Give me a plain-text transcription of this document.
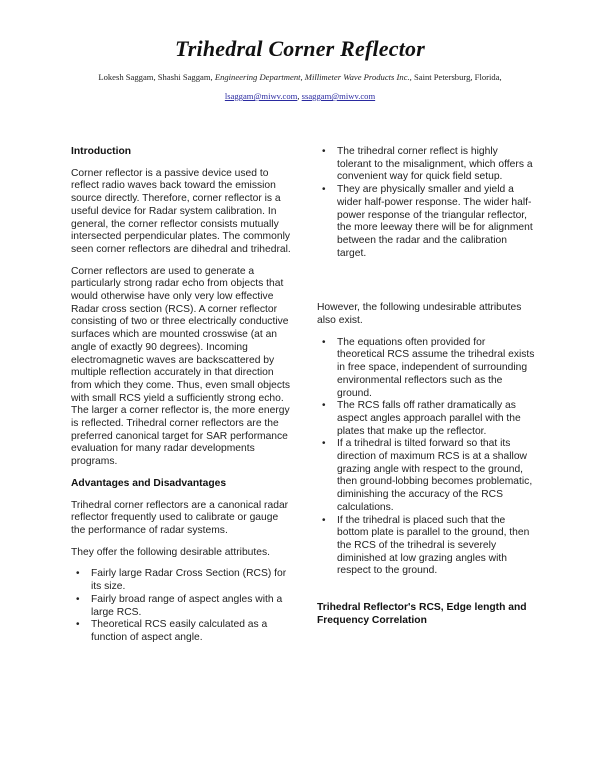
Trihedral Corner Reflector
Lokesh Saggam, Shashi Saggam, Engineering Department, Millimeter Wave Products Inc., Saint Petersburg, Florida,
lsaggam@miwv.com, ssaggam@miwv.com
Introduction

Corner reflector is a passive device used to reflect radio waves back toward the emission source directly. Therefore, corner reflector is a useful device for Radar system calibration. In general, the corner reflector consists mutually intersected perpendicular plates. The commonly seen corner reflectors are dihedral and trihedral.

Corner reflectors are used to generate a particularly strong radar echo from objects that would otherwise have only very low effective Radar cross section (RCS). A corner reflector consisting of two or three electrically conductive surfaces which are mounted crosswise (at an angle of exactly 90 degrees). Incoming electromagnetic waves are backscattered by multiple reflection accurately in that direction from which they come. Thus, even small objects with small RCS yield a sufficiently strong echo. The larger a corner reflector is, the more energy is reflected. Trihedral corner reflectors are the preferred canonical target for SAR performance evaluation for many radar developments programs.

Advantages and Disadvantages

Trihedral corner reflectors are a canonical radar reflector frequently used to calibrate or gauge the performance of radar systems.

They offer the following desirable attributes.

• Fairly large Radar Cross Section (RCS) for its size.
• Fairly broad range of aspect angles with a large RCS.
• Theoretical RCS easily calculated as a function of aspect angle.
• The trihedral corner reflect is highly tolerant to the misalignment, which offers a convenient way for quick field setup.
• They are physically smaller and yield a wider half-power response. The wider half-power response of the triangular reflector, the more leeway there will be for alignment between the radar and the calibration target.

However, the following undesirable attributes also exist.

• The equations often provided for theoretical RCS assume the trihedral exists in free space, independent of surrounding environmental reflectors such as the ground.
• The RCS falls off rather dramatically as aspect angles approach parallel with the plates that make up the reflector.
• If a trihedral is tilted forward so that its direction of maximum RCS is at a shallow grazing angle with respect to the ground, then ground-lobbing becomes problematic, diminishing the accuracy of the RCS calculations.
• If the trihedral is placed such that the bottom plate is parallel to the ground, then the RCS of the trihedral is severely diminished at low grazing angles with respect to the ground.
Trihedral Reflector's RCS, Edge length and Frequency Correlation
